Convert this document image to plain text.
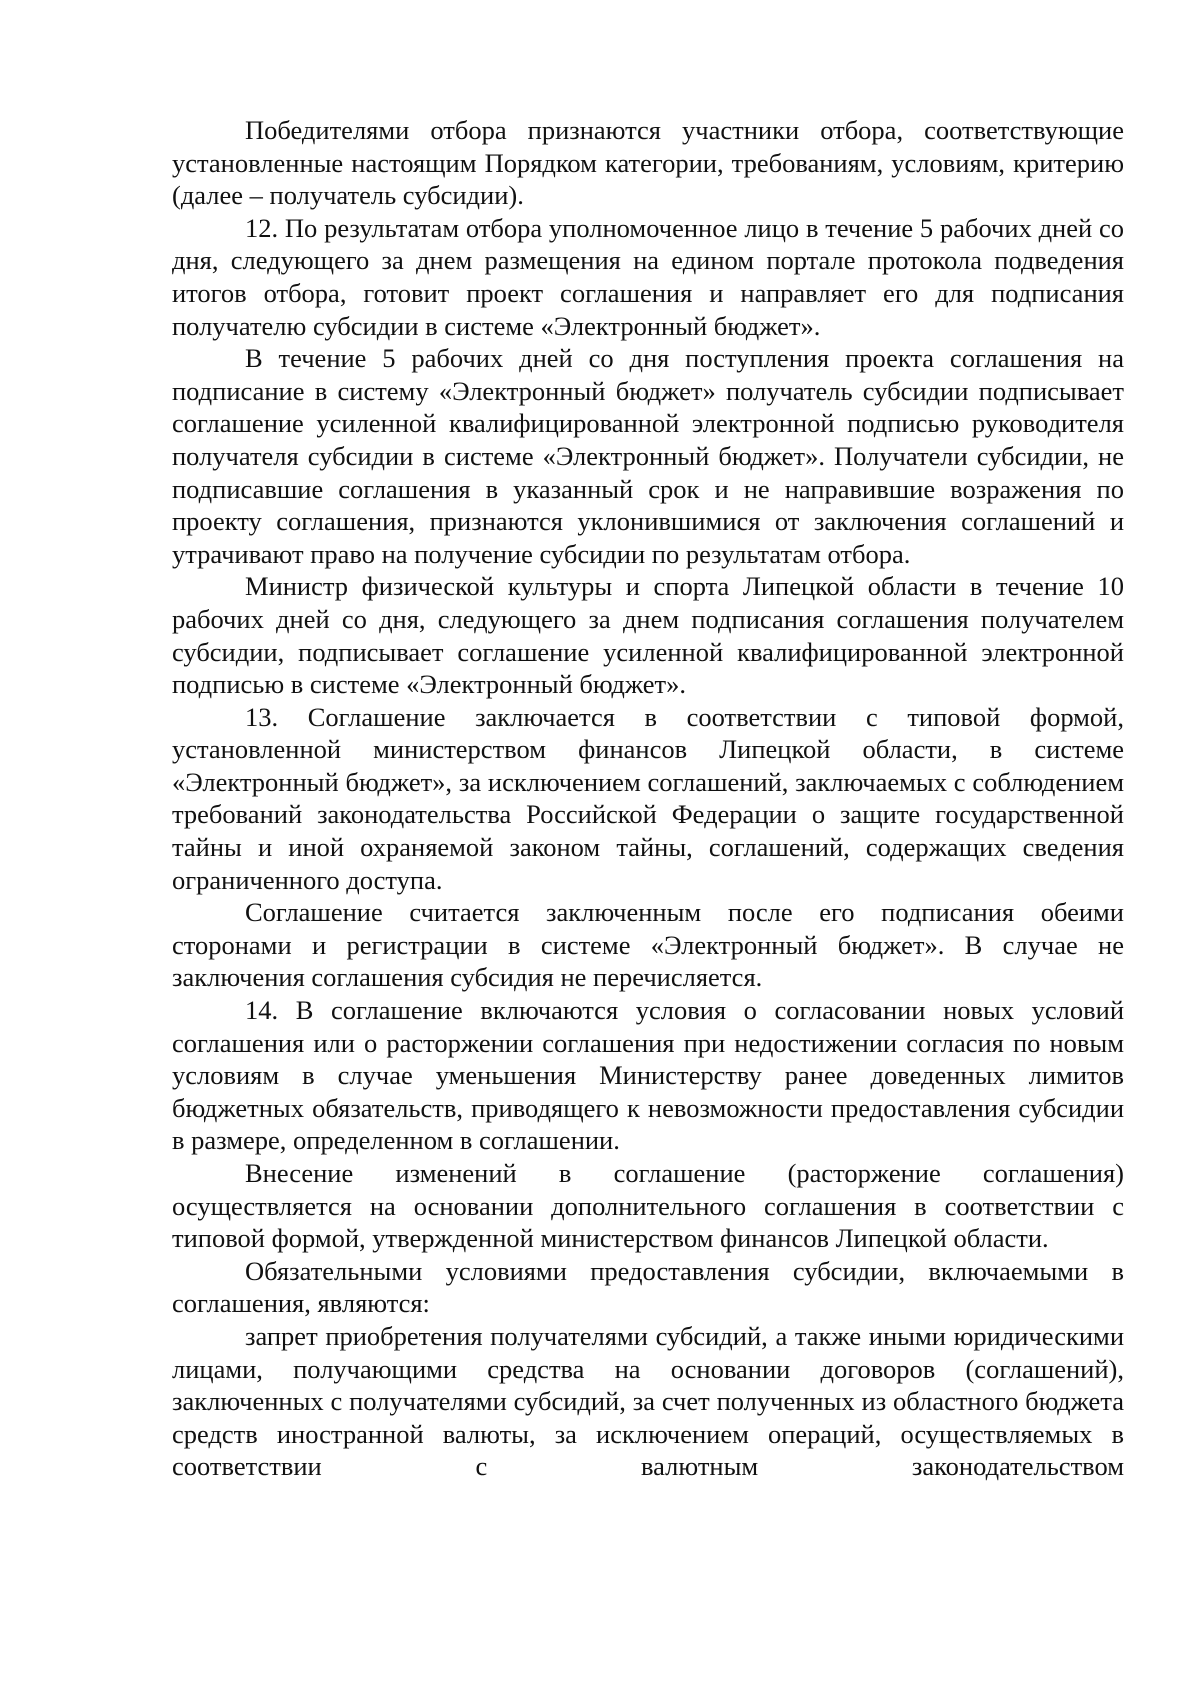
Победителями отбора признаются участники отбора, соответствующие установленные настоящим Порядком категории, требованиям, условиям, критерию (далее – получатель субсидии).

12. По результатам отбора уполномоченное лицо в течение 5 рабочих дней со дня, следующего за днем размещения на едином портале протокола подведения итогов отбора, готовит проект соглашения и направляет его для подписания получателю субсидии в системе «Электронный бюджет».

В течение 5 рабочих дней со дня поступления проекта соглашения на подписание в систему «Электронный бюджет» получатель субсидии подписывает соглашение усиленной квалифицированной электронной подписью руководителя получателя субсидии в системе «Электронный бюджет». Получатели субсидии, не подписавшие соглашения в указанный срок и не направившие возражения по проекту соглашения, признаются уклонившимися от заключения соглашений и утрачивают право на получение субсидии по результатам отбора.

Министр физической культуры и спорта Липецкой области в течение 10 рабочих дней со дня, следующего за днем подписания соглашения получателем субсидии, подписывает соглашение усиленной квалифицированной электронной подписью в системе «Электронный бюджет».

13. Соглашение заключается в соответствии с типовой формой, установленной министерством финансов Липецкой области, в системе «Электронный бюджет», за исключением соглашений, заключаемых с соблюдением требований законодательства Российской Федерации о защите государственной тайны и иной охраняемой законом тайны, соглашений, содержащих сведения ограниченного доступа.

Соглашение считается заключенным после его подписания обеими сторонами и регистрации в системе «Электронный бюджет». В случае не заключения соглашения субсидия не перечисляется.

14. В соглашение включаются условия о согласовании новых условий соглашения или о расторжении соглашения при недостижении согласия по новым условиям в случае уменьшения Министерству ранее доведенных лимитов бюджетных обязательств, приводящего к невозможности предоставления субсидии в размере, определенном в соглашении.

Внесение изменений в соглашение (расторжение соглашения) осуществляется на основании дополнительного соглашения в соответствии с типовой формой, утвержденной министерством финансов Липецкой области.

Обязательными условиями предоставления субсидии, включаемыми в соглашения, являются:

запрет приобретения получателями субсидий, а также иными юридическими лицами, получающими средства на основании договоров (соглашений), заключенных с получателями субсидий, за счет полученных из областного бюджета средств иностранной валюты, за исключением операций, осуществляемых в соответствии с валютным законодательством
